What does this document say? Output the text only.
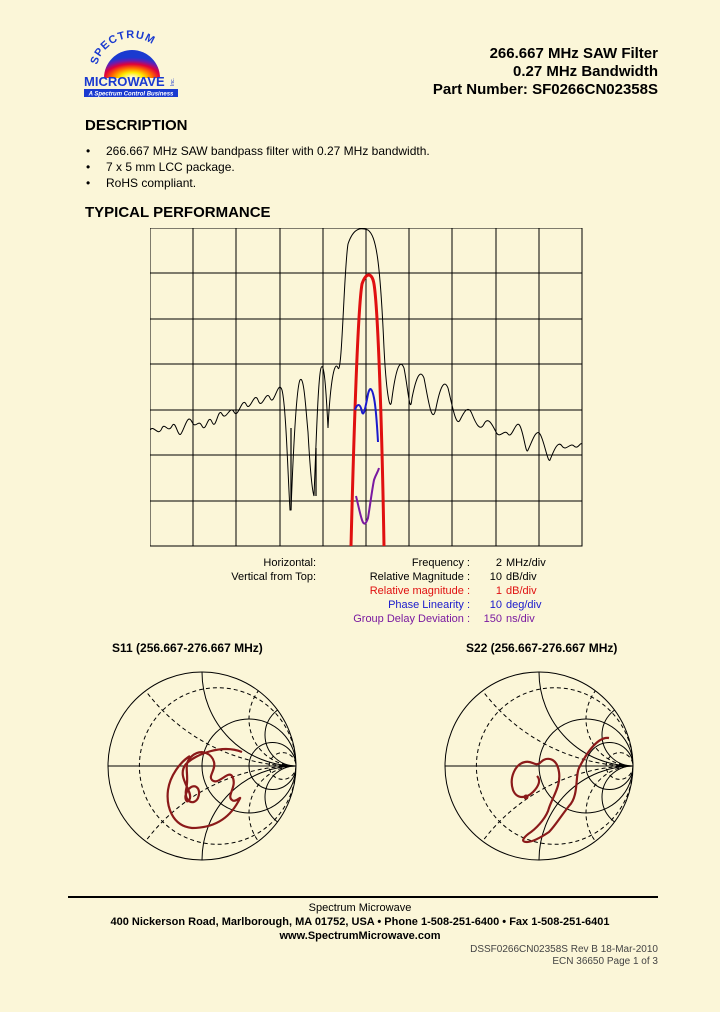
SPECTRUM
MICROWAVE Inc.
A Spectrum Control Business
266.667 MHz SAW Filter
0.27 MHz Bandwidth
Part Number: SF0266CN02358S
DESCRIPTION
• 266.667 MHz SAW bandpass filter with 0.27 MHz bandwidth.
• 7 x 5 mm LCC package.
• RoHS compliant.
TYPICAL PERFORMANCE
Horizontal:	Frequency :	2	MHz/div
Vertical from Top:	Relative Magnitude :	10	dB/div
	Relative magnitude :	1	dB/div
	Phase Linearity :	10	deg/div
	Group Delay Deviation :	150	ns/div
S11 (256.667-276.667 MHz)	S22 (256.667-276.667 MHz)
Spectrum Microwave
400 Nickerson Road, Marlborough, MA 01752, USA • Phone 1-508-251-6400 • Fax 1-508-251-6401
www.SpectrumMicrowave.com
DSSF0266CN02358S Rev B 18-Mar-2010
ECN 36650 Page 1 of 3
